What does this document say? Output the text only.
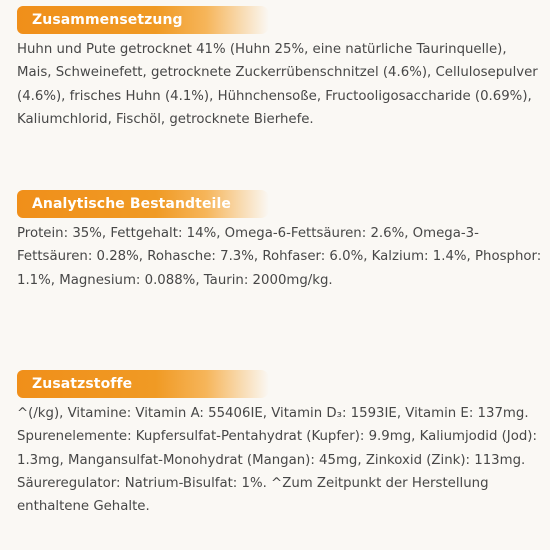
Zusammensetzung
Huhn und Pute getrocknet 41% (Huhn 25%, eine natürliche Taurinquelle), Mais, Schweinefett, getrocknete Zuckerrübenschnitzel (4.6%), Cellulosepulver (4.6%), frisches Huhn (4.1%), Hühnchensoße, Fructooligosaccharide (0.69%), Kaliumchlorid, Fischöl, getrocknete Bierhefe.
Analytische Bestandteile
Protein: 35%, Fettgehalt: 14%, Omega-6-Fettsäuren: 2.6%, Omega-3-Fettsäuren: 0.28%, Rohasche: 7.3%, Rohfaser: 6.0%, Kalzium: 1.4%, Phosphor: 1.1%, Magnesium: 0.088%, Taurin: 2000mg/kg.
Zusatzstoffe
^(/kg), Vitamine: Vitamin A: 55406IE, Vitamin D₃: 1593IE, Vitamin E: 137mg. Spurenelemente: Kupfersulfat-Pentahydrat (Kupfer): 9.9mg, Kaliumjodid (Jod): 1.3mg, Mangansulfat-Monohydrat (Mangan): 45mg, Zinkoxid (Zink): 113mg. Säureregulator: Natrium-Bisulfat: 1%. ^Zum Zeitpunkt der Herstellung enthaltene Gehalte.
